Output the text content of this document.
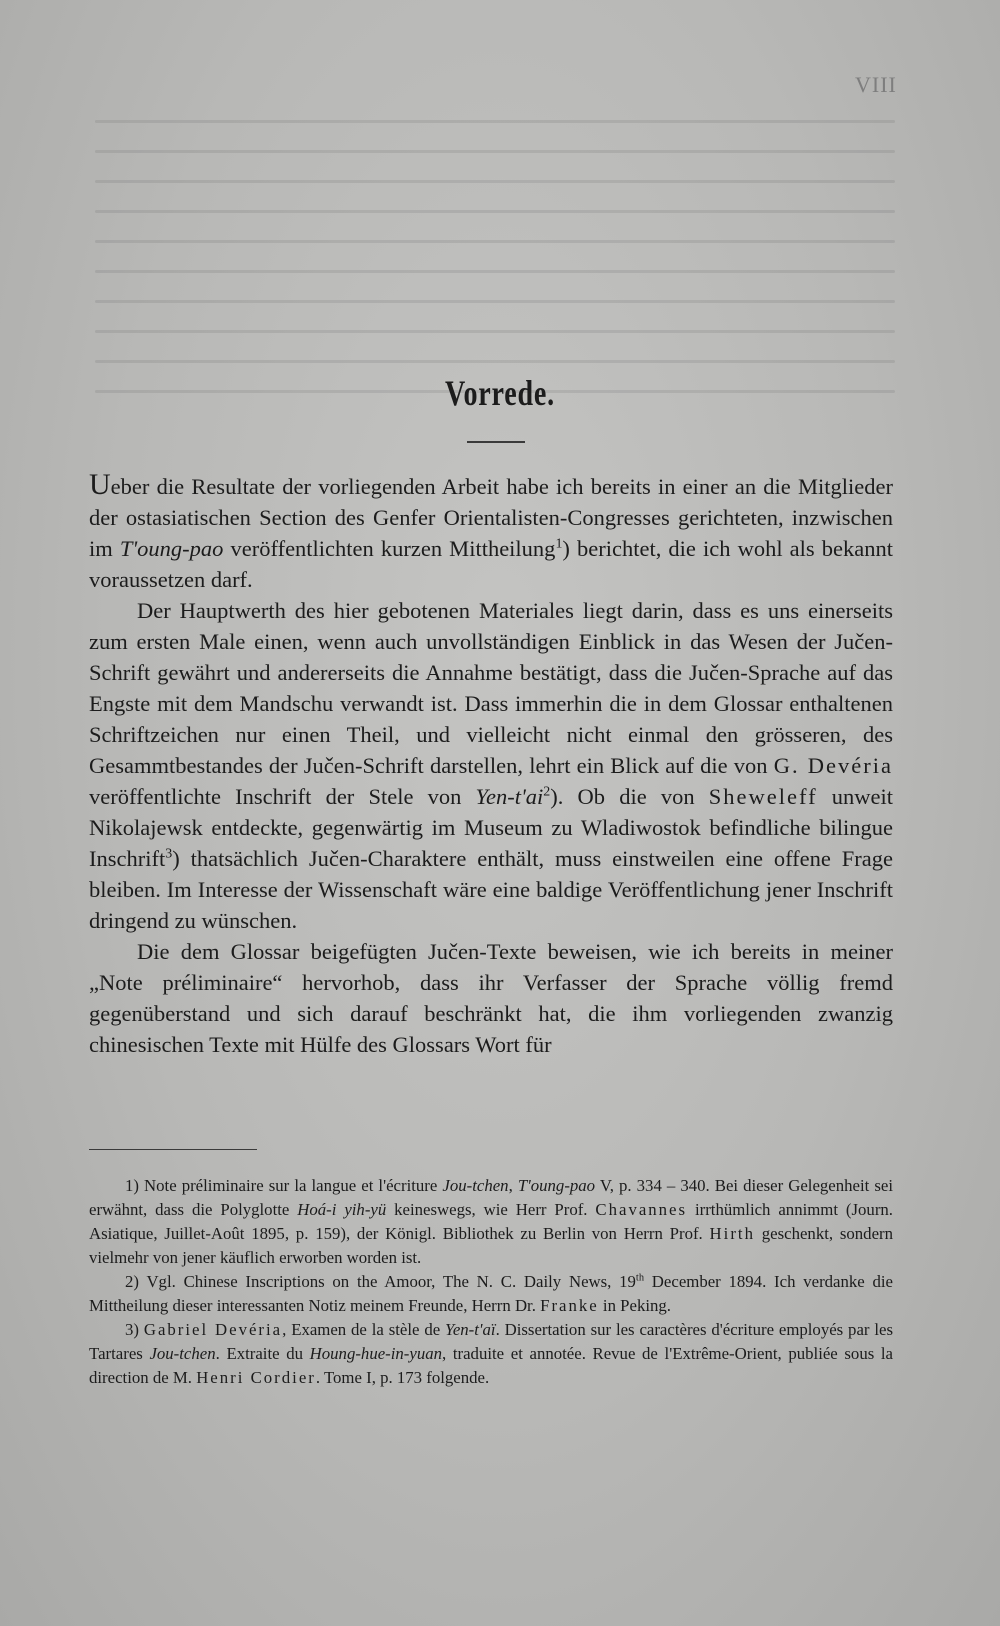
VIII
Vorrede.

Ueber die Resultate der vorliegenden Arbeit habe ich bereits in einer an die Mitglieder der ostasiatischen Section des Genfer Orientalisten-Congresses gerichteten, inzwischen im T'oung-pao veröffentlichten kurzen Mittheilung$^1$) berichtet, die ich wohl als bekannt voraussetzen darf.

Der Hauptwerth des hier gebotenen Materiales liegt darin, dass es uns einerseits zum ersten Male einen, wenn auch unvollständigen Einblick in das Wesen der Jučen-Schrift gewährt und andererseits die Annahme bestätigt, dass die Jučen-Sprache auf das Engste mit dem Mandschu verwandt ist. Dass immerhin die in dem Glossar enthaltenen Schriftzeichen nur einen Theil, und vielleicht nicht einmal den grösseren, des Gesammtbestandes der Jučen-Schrift darstellen, lehrt ein Blick auf die von G. Devéria veröffentlichte Inschrift der Stele von Yen-$t'ai^2$). Ob die von Sheweleff unweit Nikolajewsk entdeckte, gegenwärtig im Museum zu Wladiwostok befindliche bilingue Inschrift$^3$) thatsächlich Jučen-Charaktere enthält, muss einstweilen eine offene Frage bleiben. Im Interesse der Wissenschaft wäre eine baldige Veröffentlichung jener Inschrift dringend zu wünschen.

Die dem Glossar beigefügten Jučen-Texte beweisen, wie ich bereits in meiner „Note préliminaire“ hervorhob, dass ihr Verfasser der Sprache völlig fremd gegenüberstand und sich darauf beschränkt hat, die ihm vorliegenden zwanzig chinesischen Texte mit Hülfe des Glossars Wort für

1) Note préliminaire sur la langue et l'écriture Jou-tchen, T'oung-pao V, p. 334 – 340. Bei dieser Gelegenheit sei erwähnt, dass die Polyglotte Hoá-i yih-yü keineswegs, wie Herr Prof. Chavannes irrthümlich annimmt (Journ. Asiatique, Juillet-Août 1895, p. 159), der Königl. Bibliothek zu Berlin von Herrn Prof. Hirth geschenkt, sondern vielmehr von jener käuflich erworben worden ist.

2) Vgl. Chinese Inscriptions on the Amoor, The N. C. Daily News, 19th December 1894. Ich verdanke die Mittheilung dieser interessanten Notiz meinem Freunde, Herrn Dr. Franke in Peking.

3) Gabriel Devéria, Examen de la stèle de Yen-t'aï. Dissertation sur les caractères d'écriture employés par les Tartares Jou-tchen. Extraite du Houng-hue-in-yuan, traduite et annotée. Revue de l'Extrême-Orient, publiée sous la direction de M. Henri Cordier. Tome I, p. 173 folgende.
